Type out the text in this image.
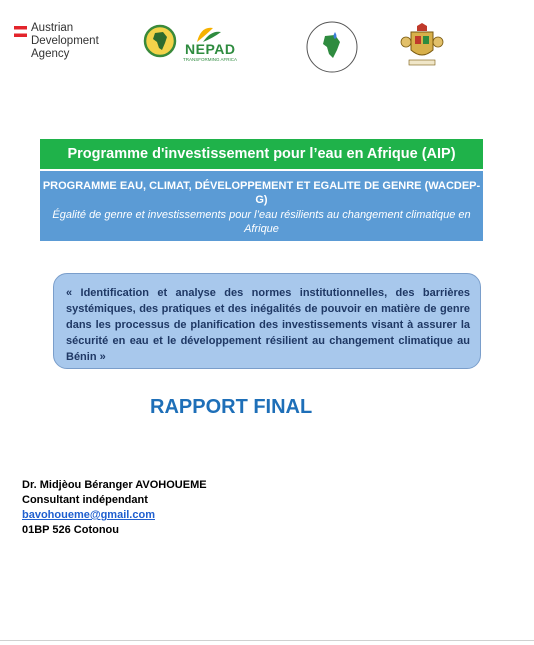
Austrian
Development
Agency	NEPAD
TRANSFORMING AFRICA
Programme d'investissement pour l’eau en Afrique (AIP)
PROGRAMME EAU, CLIMAT, DÉVELOPPEMENT ET EGALITE DE GENRE (WACDEP-G)
Égalité de genre et investissements pour l’eau résilients au changement climatique en Afrique
« Identification et analyse des normes institutionnelles, des barrières systémiques, des pratiques et des inégalités de pouvoir en matière de genre dans les processus de planification des investissements visant à assurer la sécurité en eau et le développement résilient au changement climatique au Bénin »
RAPPORT FINAL
Dr. Midjèou Béranger AVOHOUEME
Consultant indépendant
bavohoueme@gmail.com
01BP 526 Cotonou
